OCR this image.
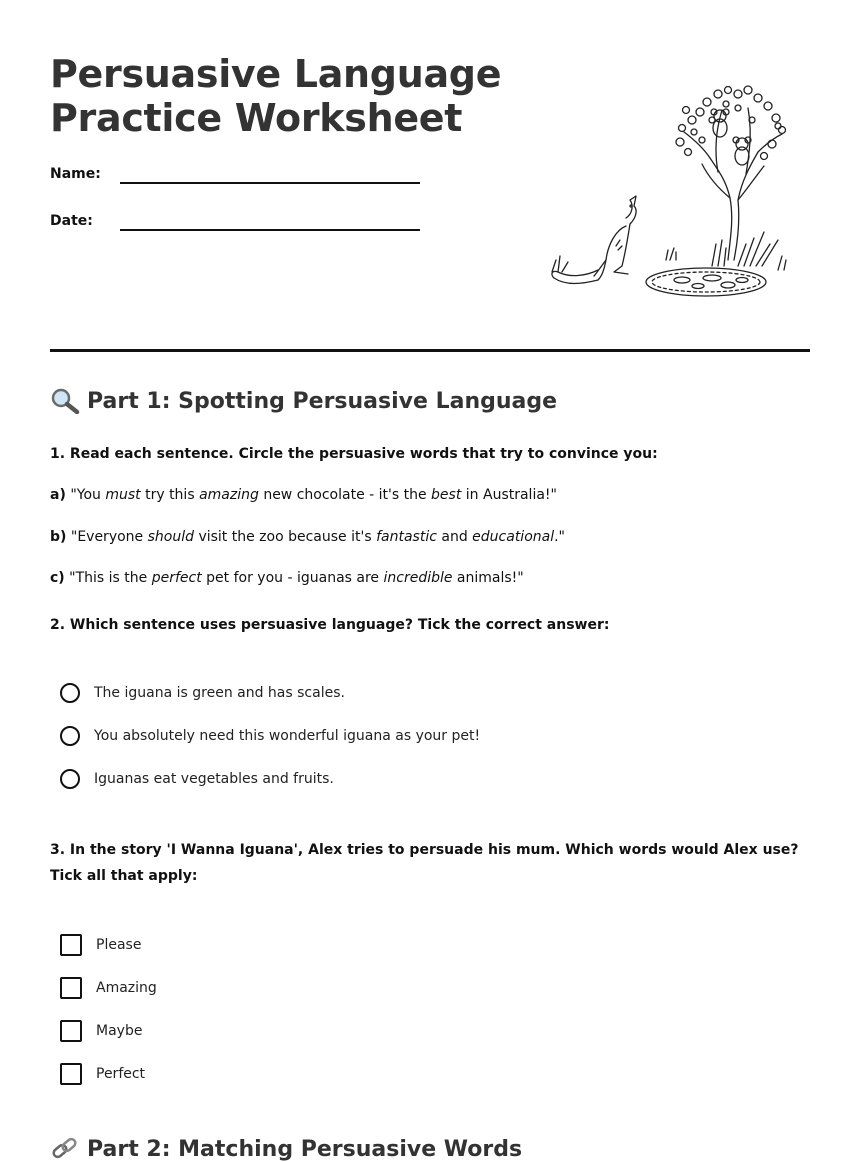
Persuasive Language
Practice Worksheet
Name:
Date:
Part 1: Spotting Persuasive Language
1. Read each sentence. Circle the persuasive words that try to convince you:
a) "You must try this amazing new chocolate - it's the best in Australia!"
b) "Everyone should visit the zoo because it's fantastic and educational."
c) "This is the perfect pet for you - iguanas are incredible animals!"
2. Which sentence uses persuasive language? Tick the correct answer:
The iguana is green and has scales.
You absolutely need this wonderful iguana as your pet!
Iguanas eat vegetables and fruits.
3. In the story 'I Wanna Iguana', Alex tries to persuade his mum. Which words would Alex use? Tick all that apply:
Please
Amazing
Maybe
Perfect
Part 2: Matching Persuasive Words
